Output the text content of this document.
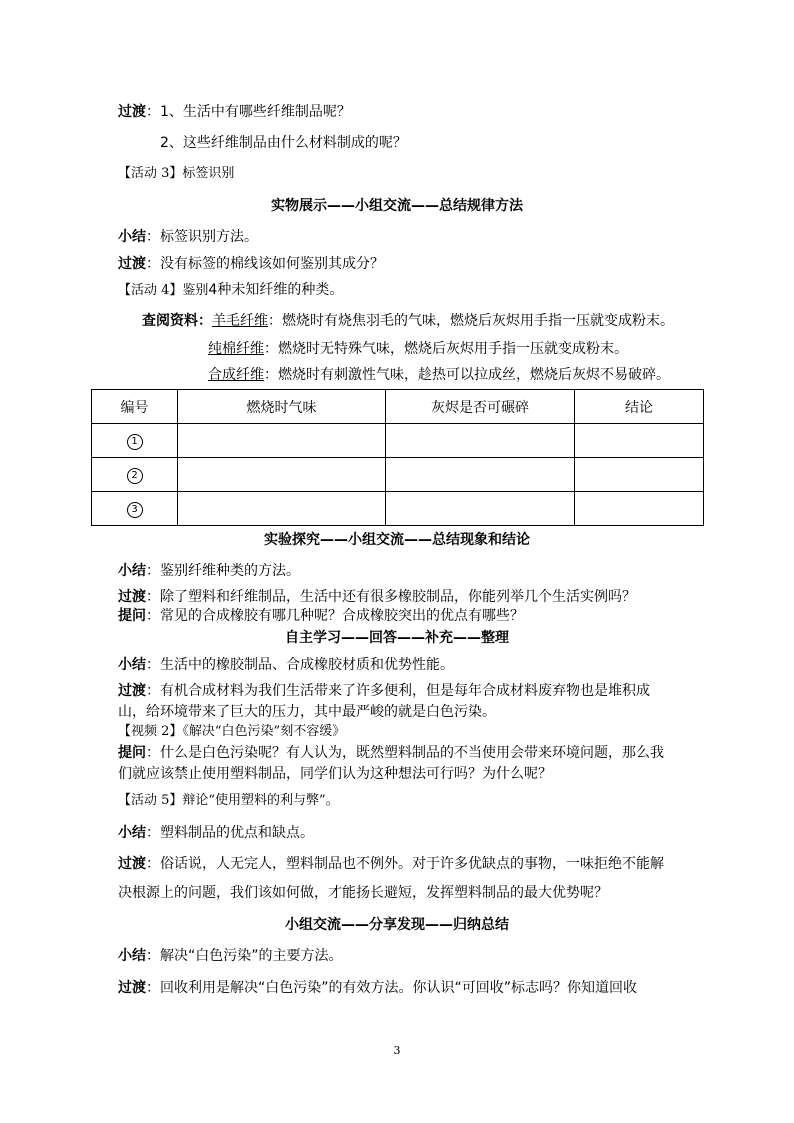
过渡：1、生活中有哪些纤维制品呢？
2、这些纤维制品由什么材料制成的呢？
【活动 3】标签识别
实物展示——小组交流——总结规律方法
小结：标签识别方法。
过渡：没有标签的棉线该如何鉴别其成分？
【活动 4】鉴别4种未知纤维的种类。
查阅资料：羊毛纤维：燃烧时有烧焦羽毛的气味，燃烧后灰烬用手指一压就变成粉末。
纯棉纤维：燃烧时无特殊气味，燃烧后灰烬用手指一压就变成粉末。
合成纤维：燃烧时有刺激性气味，趁热可以拉成丝，燃烧后灰烬不易破碎。
编号	燃烧时气味	灰烬是否可碾碎	结论
1			
2			
3			
实验探究——小组交流——总结现象和结论
小结：鉴别纤维种类的方法。
过渡：除了塑料和纤维制品，生活中还有很多橡胶制品，你能列举几个生活实例吗？
提问：常见的合成橡胶有哪几种呢？合成橡胶突出的优点有哪些？
自主学习——回答——补充——整理
小结：生活中的橡胶制品、合成橡胶材质和优势性能。
过渡：有机合成材料为我们生活带来了许多便利，但是每年合成材料废弃物也是堆积成
山，给环境带来了巨大的压力，其中最严峻的就是白色污染。
【视频 2】《解决“白色污染”刻不容缓》
提问：什么是白色污染呢？有人认为，既然塑料制品的不当使用会带来环境问题，那么我
们就应该禁止使用塑料制品，同学们认为这种想法可行吗？为什么呢？
【活动 5】辩论“使用塑料的利与弊”。
小结：塑料制品的优点和缺点。
过渡：俗话说，人无完人，塑料制品也不例外。对于许多优缺点的事物，一味拒绝不能解
决根源上的问题，我们该如何做，才能扬长避短，发挥塑料制品的最大优势呢？
小组交流——分享发现——归纳总结
小结：解决“白色污染”的主要方法。
过渡：回收利用是解决“白色污染”的有效方法。你认识“可回收”标志吗？你知道回收
3
